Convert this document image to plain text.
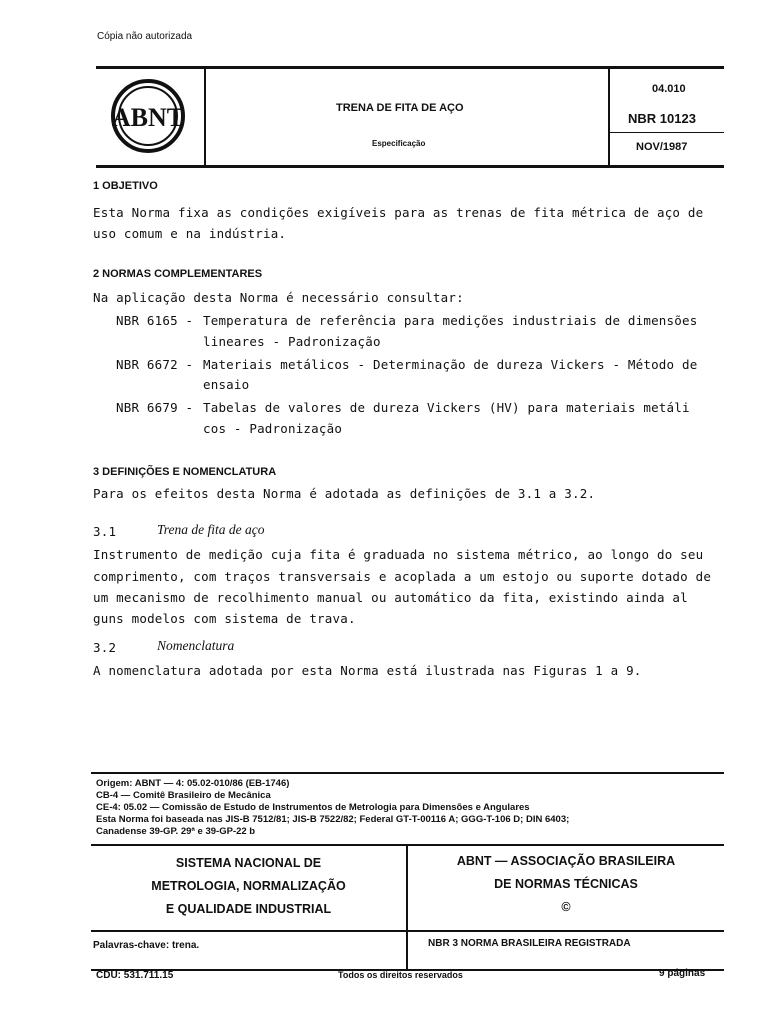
Cópia não autorizada
ABNT	TRENA DE FITA DE AÇO
Especificação
04.010
NBR 10123
NOV/1987
1 OBJETIVO
Esta Norma fixa as condições exigíveis para as trenas de fita métrica de aço de
uso comum e na indústria.
2 NORMAS COMPLEMENTARES
Na aplicação desta Norma é necessário consultar:
NBR 6165 - Temperatura de referência para medições industriais de dimensões
lineares - Padronização
NBR 6672 - Materiais metálicos - Determinação de dureza Vickers - Método de
ensaio
NBR 6679 - Tabelas de valores de dureza Vickers (HV) para materiais metáli
cos - Padronização
3 DEFINIÇÕES E NOMENCLATURA
Para os efeitos desta Norma é adotada as definições de 3.1 a 3.2.
3.1	Trena de fita de aço
Instrumento de medição cuja fita é graduada no sistema métrico, ao longo do seu
comprimento, com traços transversais e acoplada a um estojo ou suporte dotado de
um mecanismo de recolhimento manual ou automático da fita, existindo ainda al
guns modelos com sistema de trava.
3.2	Nomenclatura
A nomenclatura adotada por esta Norma está ilustrada nas Figuras 1 a 9.
Origem: ABNT — 4: 05.02-010/86 (EB-1746)
CB-4 — Comitê Brasileiro de Mecânica
CE-4: 05.02 — Comissão de Estudo de Instrumentos de Metrologia para Dimensões e Angulares
Esta Norma foi baseada nas JIS-B 7512/81; JIS-B 7522/82; Federal GT-T-00116 A; GGG-T-106 D; DIN 6403;
Canadense 39-GP. 29ª e 39-GP-22 b
SISTEMA NACIONAL DE
METROLOGIA, NORMALIZAÇÃO
E QUALIDADE INDUSTRIAL
ABNT — ASSOCIAÇÃO BRASILEIRA
DE NORMAS TÉCNICAS
©
Palavras-chave: trena.	NBR 3 NORMA BRASILEIRA REGISTRADA
CDU: 531.711.15	Todos os direitos reservados	9 páginas
